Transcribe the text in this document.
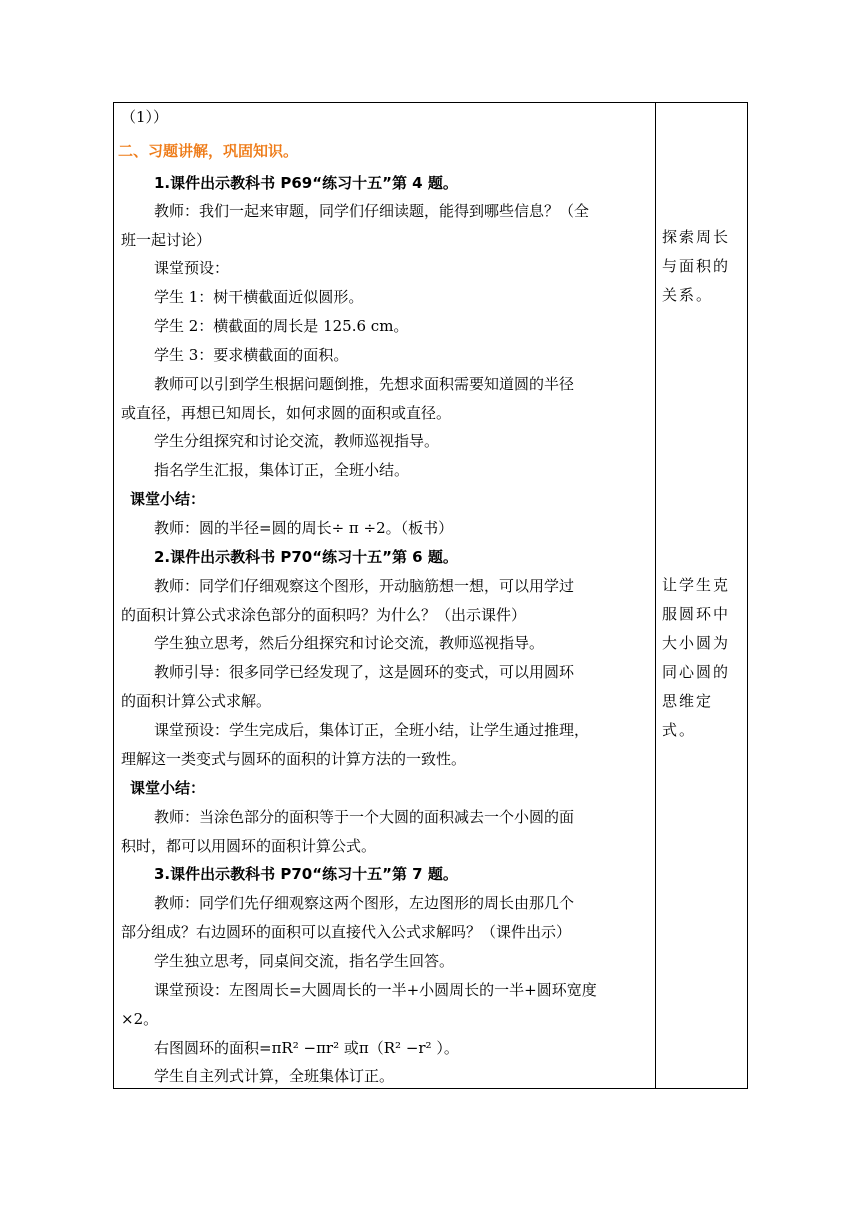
（1））
二、习题讲解，巩固知识。
1.课件出示教科书 P69“练习十五”第 4 题。
教师：我们一起来审题，同学们仔细读题，能得到哪些信息？（全
班一起讨论）
课堂预设：
学生 1：树干横截面近似圆形。
学生 2：横截面的周长是 125.6 cm。
学生 3：要求横截面的面积。
教师可以引到学生根据问题倒推，先想求面积需要知道圆的半径
或直径，再想已知周长，如何求圆的面积或直径。
学生分组探究和讨论交流，教师巡视指导。
指名学生汇报，集体订正，全班小结。
课堂小结：
教师：圆的半径=圆的周长÷ π ÷2。（板书）
2.课件出示教科书 P70“练习十五”第 6 题。
教师：同学们仔细观察这个图形，开动脑筋想一想，可以用学过
的面积计算公式求涂色部分的面积吗？为什么？（出示课件）
学生独立思考，然后分组探究和讨论交流，教师巡视指导。
教师引导：很多同学已经发现了，这是圆环的变式，可以用圆环
的面积计算公式求解。
课堂预设：学生完成后，集体订正，全班小结，让学生通过推理，
理解这一类变式与圆环的面积的计算方法的一致性。
课堂小结：
教师：当涂色部分的面积等于一个大圆的面积减去一个小圆的面
积时，都可以用圆环的面积计算公式。
3.课件出示教科书 P70“练习十五”第 7 题。
教师：同学们先仔细观察这两个图形，左边图形的周长由那几个
部分组成？右边圆环的面积可以直接代入公式求解吗？（课件出示）
学生独立思考，同桌间交流，指名学生回答。
课堂预设：左图周长=大圆周长的一半+小圆周长的一半+圆环宽度
×2。
右图圆环的面积=πR² −πr² 或π（R² −r² ）。
学生自主列式计算，全班集体订正。
探索周长
与面积的
关系。
让学生克
服圆环中
大小圆为
同心圆的
思维定
式。
